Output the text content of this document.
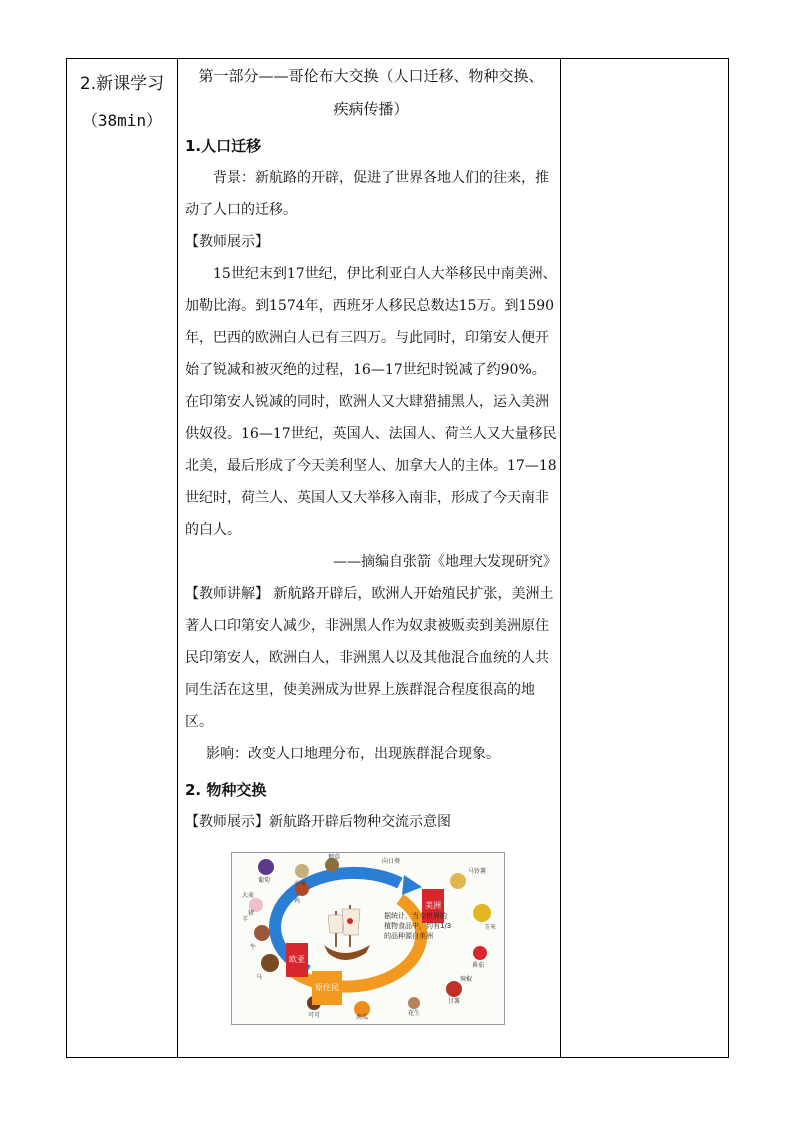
2.新课学习
（38min）
第一部分——哥伦布大交换（人口迁移、物种交换、
疾病传播）
1.人口迁移

背景：新航路的开辟，促进了世界各地人们的往来，推动了人口的迁移。

【教师展示】

15世纪末到17世纪，伊比利亚白人大举移民中南美洲、加勒比海。到1574年，西班牙人移民总数达15万。到1590年，巴西的欧洲白人已有三四万。与此同时，印第安人便开始了锐减和被灭绝的过程，16—17世纪时锐减了约90%。在印第安人锐减的同时，欧洲人又大肆猎捕黑人，运入美洲供奴役。16—17世纪，英国人、法国人、荷兰人又大量移民北美，最后形成了今天美利坚人、加拿大人的主体。17—18世纪时，荷兰人、英国人又大举移入南非，形成了今天南非的白人。

——摘编自张箭《地理大发现研究》

【教师讲解】 新航路开辟后，欧洲人开始殖民扩张，美洲土著人口印第安人减少，非洲黑人作为奴隶被贩卖到美洲原住民印第安人，欧洲白人，非洲黑人以及其他混合血统的人共同生活在这里，使美洲成为世界上族群混合程度很高的地区。

影响：改变人口地理分布，出现族群混合现象。

2. 物种交换

【教师展示】新航路开辟后物种交流示意图

欧亚
美洲
原住民
据统计，当今世界的植物食品中，约有1/3的品种源自美洲
葡萄
大麦
小麦
牛
马
羊
鸡
猪
烟草
南瓜
甘薯
玉米
番茄
辣椒
花生
可可
马铃薯
向日葵
